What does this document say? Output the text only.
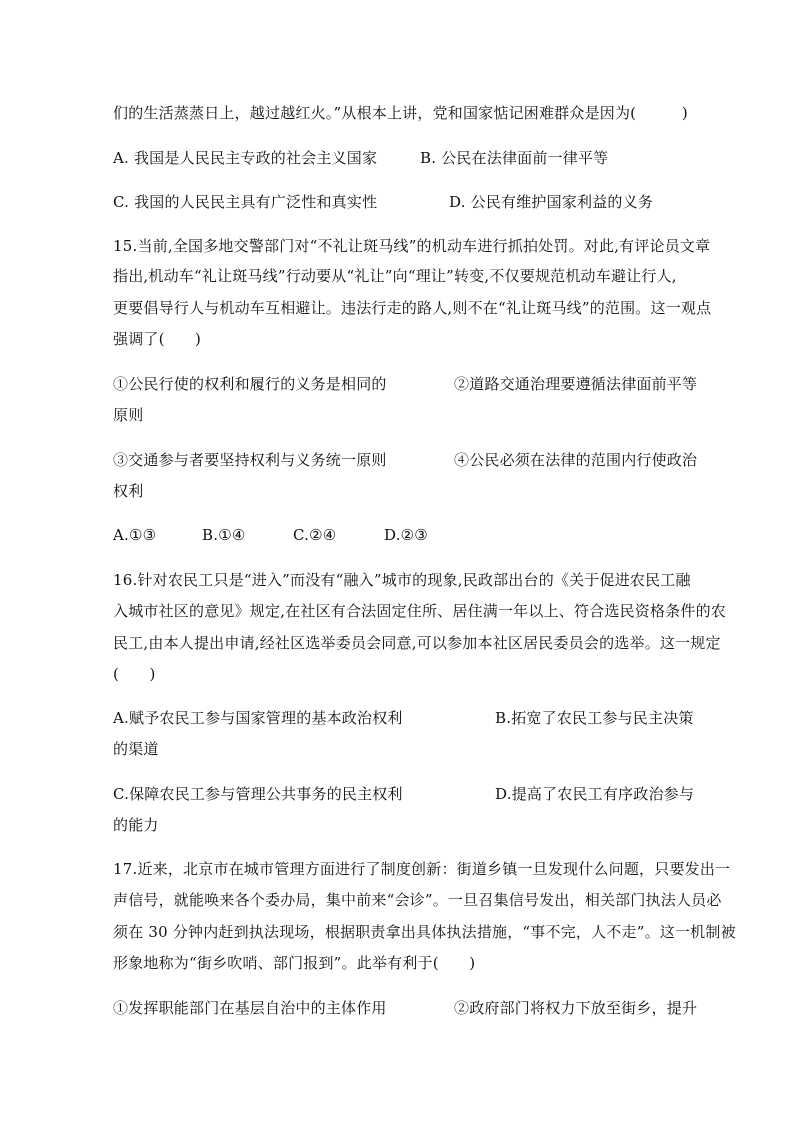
们的生活蒸蒸日上，越过越红火。”从根本上讲，党和国家惦记困难群众是因为(　　　)
A. 我国是人民民主专政的社会主义国家	B. 公民在法律面前一律平等
C. 我国的人民民主具有广泛性和真实性	D. 公民有维护国家利益的义务
15.当前,全国多地交警部门对“不礼让斑马线”的机动车进行抓拍处罚。对此,有评论员文章
指出,机动车“礼让斑马线”行动要从“礼让”向“理让”转变,不仅要规范机动车避让行人,
更要倡导行人与机动车互相避让。违法行走的路人,则不在“礼让斑马线”的范围。这一观点
强调了(　　)
①公民行使的权利和履行的义务是相同的	②道路交通治理要遵循法律面前平等
原则
③交通参与者要坚持权利与义务统一原则	④公民必须在法律的范围内行使政治
权利
A.①③	B.①④	C.②④	D.②③
16.针对农民工只是“进入”而没有“融入”城市的现象,民政部出台的《关于促进农民工融
入城市社区的意见》规定,在社区有合法固定住所、居住满一年以上、符合选民资格条件的农
民工,由本人提出申请,经社区选举委员会同意,可以参加本社区居民委员会的选举。这一规定
(　　)
A.赋予农民工参与国家管理的基本政治权利	B.拓宽了农民工参与民主决策
的渠道
C.保障农民工参与管理公共事务的民主权利	D.提高了农民工有序政治参与
的能力
17.近来，北京市在城市管理方面进行了制度创新：街道乡镇一旦发现什么问题，只要发出一
声信号，就能唤来各个委办局，集中前来“会诊”。一旦召集信号发出，相关部门执法人员必
须在 30 分钟内赶到执法现场，根据职责拿出具体执法措施，“事不完，人不走”。这一机制被
形象地称为“街乡吹哨、部门报到”。此举有利于(　　)
①发挥职能部门在基层自治中的主体作用	②政府部门将权力下放至街乡，提升
